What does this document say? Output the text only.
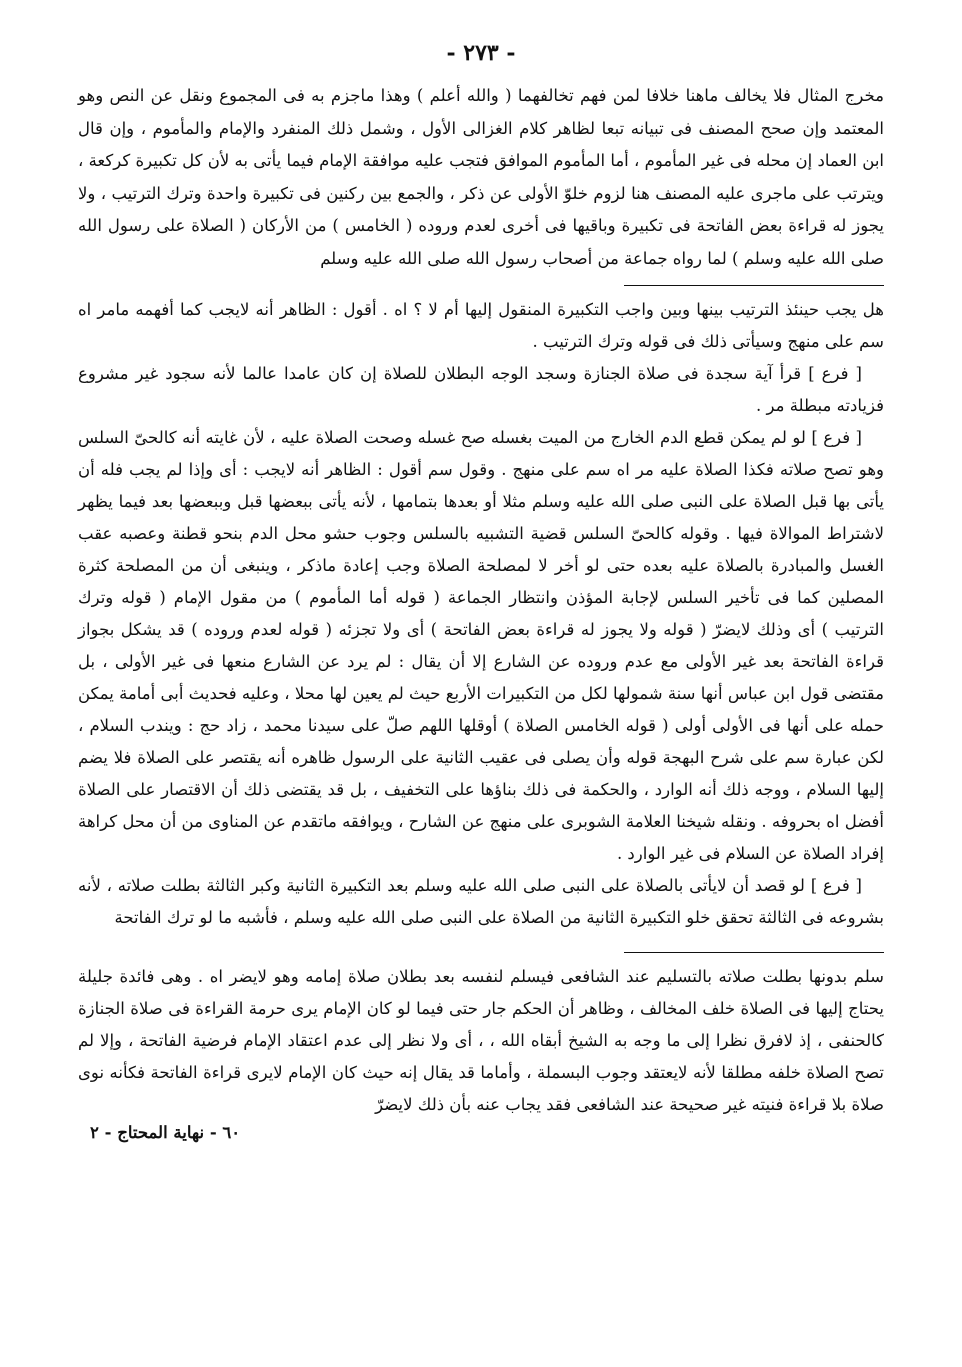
- ٢٧٣ -

مخرج المثال فلا يخالف ماهنا خلافا لمن فهم تخالفهما ( والله أعلم ) وهذا ماجزم به فى المجموع ونقل عن النص وهو المعتمد وإن صحح المصنف فى تبيانه تبعا لظاهر كلام الغزالى الأول ، وشمل ذلك المنفرد والإمام والمأموم ، وإن قال ابن العماد إن محله فى غير المأموم ، أما المأموم الموافق فتجب عليه موافقة الإمام فيما يأتى به لأن كل تكبيرة كركعة ، ويترتب على ماجرى عليه المصنف هنا لزوم خلوّ الأولى عن ذكر ، والجمع بين ركنين فى تكبيرة واحدة وترك الترتيب ، ولا يجوز له قراءة بعض الفاتحة فى تكبيرة وباقيها فى أخرى لعدم وروده ( الخامس ) من الأركان ( الصلاة على رسول الله صلى الله عليه وسلم ) لما رواه جماعة من أصحاب رسول الله صلى الله عليه وسلم

هل يجب حينئذ الترتيب بينها وبين واجب التكبيرة المنقول إليها أم لا ؟ اه . أقول : الظاهر أنه لايجب كما أفهمه مامر اه سم على منهج وسيأتى ذلك فى قوله وترك الترتيب .

[ فرع ] قرأ آية سجدة فى صلاة الجنازة وسجد الوجه البطلان للصلاة إن كان عامدا عالما لأنه سجود غير مشروع فزيادته مبطلة مر .

[ فرع ] لو لم يمكن قطع الدم الخارج من الميت بغسله صح غسله وصحت الصلاة عليه ، لأن غايته أنه كالحىّ السلس وهو تصح صلاته فكذا الصلاة عليه مر اه سم على منهج . وقول سم أقول : الظاهر أنه لايجب : أى وإذا لم يجب فله أن يأتى بها قبل الصلاة على النبى صلى الله عليه وسلم مثلا أو بعدها بتمامها ، لأنه يأتى ببعضها قبل وببعضها بعد فيما يظهر لاشتراط الموالاة فيها . وقوله كالحىّ السلس قضية التشبيه بالسلس وجوب حشو محل الدم بنحو قطنة وعصبه عقب الغسل والمبادرة بالصلاة عليه بعده حتى لو أخر لا لمصلحة الصلاة وجب إعادة ماذكر ، وينبغى أن من المصلحة كثرة المصلين كما فى تأخير السلس لإجابة المؤذن وانتظار الجماعة ( قوله أما المأموم ) من مقول الإمام ( قوله وترك الترتيب ) أى وذلك لايضرّ ( قوله ولا يجوز له قراءة بعض الفاتحة ) أى ولا تجزئه ( قوله لعدم وروده ) قد يشكل بجواز قراءة الفاتحة بعد غير الأولى مع عدم وروده عن الشارع إلا أن يقال : لم يرد عن الشارع منعها فى غير الأولى ، بل مقتضى قول ابن عباس أنها سنة شمولها لكل من التكبيرات الأربع حيث لم يعين لها محلا ، وعليه فحديث أبى أمامة يمكن حمله على أنها فى الأولى أولى ( قوله الخامس الصلاة ) أوقلها اللهم صلّ على سيدنا محمد ، زاد حج : ويندب السلام ، لكن عبارة سم على شرح البهجة قوله وأن يصلى فى عقيب الثانية على الرسول ظاهره أنه يقتصر على الصلاة فلا يضم إليها السلام ، ووجه ذلك أنه الوارد ، والحكمة فى ذلك بناؤها على التخفيف ، بل قد يقتضى ذلك أن الاقتصار على الصلاة أفضل اه بحروفه . ونقله شيخنا العلامة الشوبرى على منهج عن الشارح ، ويوافقه ماتقدم عن المناوى من أن محل كراهة إفراد الصلاة عن السلام فى غير الوارد .

[ فرع ] لو قصد أن لايأتى بالصلاة على النبى صلى الله عليه وسلم بعد التكبيرة الثانية وكبر الثالثة بطلت صلاته ، لأنه بشروعه فى الثالثة تحقق خلو التكبيرة الثانية من الصلاة على النبى صلى الله عليه وسلم ، فأشبه ما لو ترك الفاتحة

سلم بدونها بطلت صلاته بالتسليم عند الشافعى فيسلم لنفسه بعد بطلان صلاة إمامه وهو لايضر اه . وهى فائدة جليلة يحتاج إليها فى الصلاة خلف المخالف ، وظاهر أن الحكم جار حتى فيما لو كان الإمام يرى حرمة القراءة فى صلاة الجنازة كالحنفى ، إذ لافرق نظرا إلى ما وجه به الشيخ أبقاه الله ، ، أى ولا نظر إلى عدم اعتقاد الإمام فرضية الفاتحة ، وإلا لم تصح الصلاة خلفه مطلقا لأنه لايعتقد وجوب البسملة ، وأماما قد يقال إنه حيث كان الإمام لايرى قراءة الفاتحة فكأنه نوى صلاة بلا قراءة فنيته غير صحيحة عند الشافعى فقد يجاب عنه بأن ذلك لايضرّ

٦٠ - نهاية المحتاج - ٢
